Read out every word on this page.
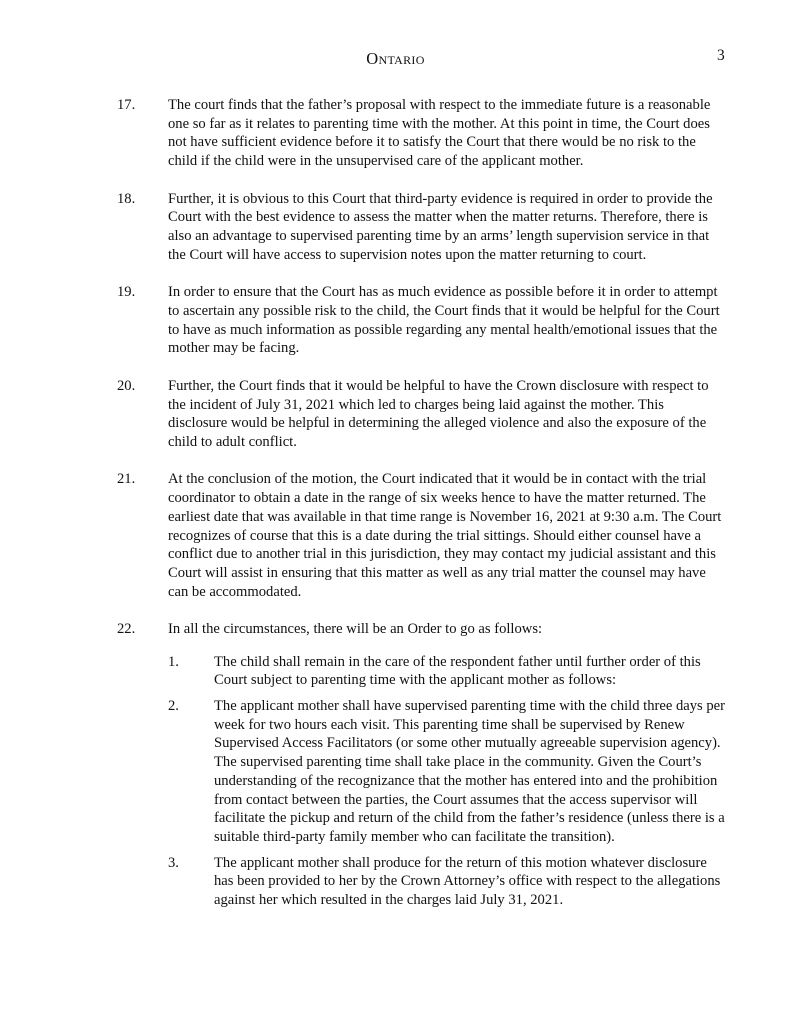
Ontario	3
17. The court finds that the father’s proposal with respect to the immediate future is a reasonable one so far as it relates to parenting time with the mother. At this point in time, the Court does not have sufficient evidence before it to satisfy the Court that there would be no risk to the child if the child were in the unsupervised care of the applicant mother.
18. Further, it is obvious to this Court that third-party evidence is required in order to provide the Court with the best evidence to assess the matter when the matter returns. Therefore, there is also an advantage to supervised parenting time by an arms’ length supervision service in that the Court will have access to supervision notes upon the matter returning to court.
19. In order to ensure that the Court has as much evidence as possible before it in order to attempt to ascertain any possible risk to the child, the Court finds that it would be helpful for the Court to have as much information as possible regarding any mental health/emotional issues that the mother may be facing.
20. Further, the Court finds that it would be helpful to have the Crown disclosure with respect to the incident of July 31, 2021 which led to charges being laid against the mother. This disclosure would be helpful in determining the alleged violence and also the exposure of the child to adult conflict.
21. At the conclusion of the motion, the Court indicated that it would be in contact with the trial coordinator to obtain a date in the range of six weeks hence to have the matter returned. The earliest date that was available in that time range is November 16, 2021 at 9:30 a.m. The Court recognizes of course that this is a date during the trial sittings. Should either counsel have a conflict due to another trial in this jurisdiction, they may contact my judicial assistant and this Court will assist in ensuring that this matter as well as any trial matter the counsel may have can be accommodated.
22. In all the circumstances, there will be an Order to go as follows:
1. The child shall remain in the care of the respondent father until further order of this Court subject to parenting time with the applicant mother as follows:
2. The applicant mother shall have supervised parenting time with the child three days per week for two hours each visit. This parenting time shall be supervised by Renew Supervised Access Facilitators (or some other mutually agreeable supervision agency). The supervised parenting time shall take place in the community. Given the Court’s understanding of the recognizance that the mother has entered into and the prohibition from contact between the parties, the Court assumes that the access supervisor will facilitate the pickup and return of the child from the father’s residence (unless there is a suitable third-party family member who can facilitate the transition).
3. The applicant mother shall produce for the return of this motion whatever disclosure has been provided to her by the Crown Attorney’s office with respect to the allegations against her which resulted in the charges laid July 31, 2021.
